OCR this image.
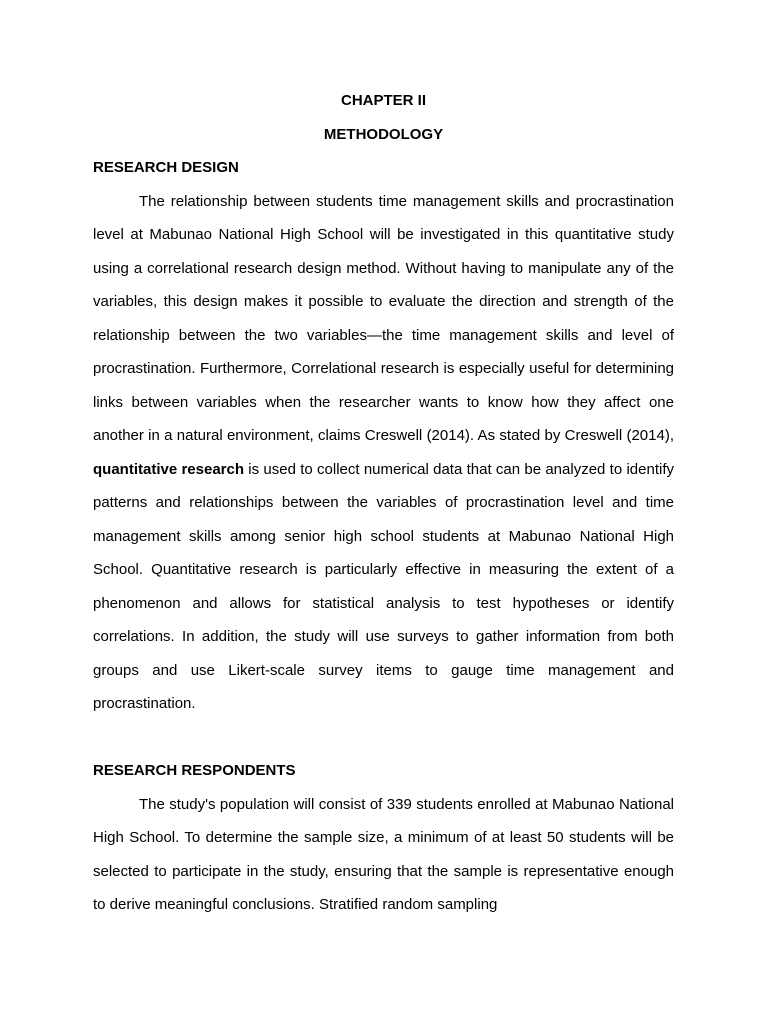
CHAPTER II

METHODOLOGY

RESEARCH DESIGN

The relationship between students time management skills and procrastination level at Mabunao National High School will be investigated in this quantitative study using a correlational research design method. Without having to manipulate any of the variables, this design makes it possible to evaluate the direction and strength of the relationship between the two variables—the time management skills and level of procrastination. Furthermore, Correlational research is especially useful for determining links between variables when the researcher wants to know how they affect one another in a natural environment, claims Creswell (2014). As stated by Creswell (2014), quantitative research is used to collect numerical data that can be analyzed to identify patterns and relationships between the variables of procrastination level and time management skills among senior high school students at Mabunao National High School. Quantitative research is particularly effective in measuring the extent of a phenomenon and allows for statistical analysis to test hypotheses or identify correlations. In addition, the study will use surveys to gather information from both groups and use Likert-scale survey items to gauge time management and procrastination.

RESEARCH RESPONDENTS

The study's population will consist of 339 students enrolled at Mabunao National High School. To determine the sample size, a minimum of at least 50 students will be selected to participate in the study, ensuring that the sample is representative enough to derive meaningful conclusions. Stratified random sampling
